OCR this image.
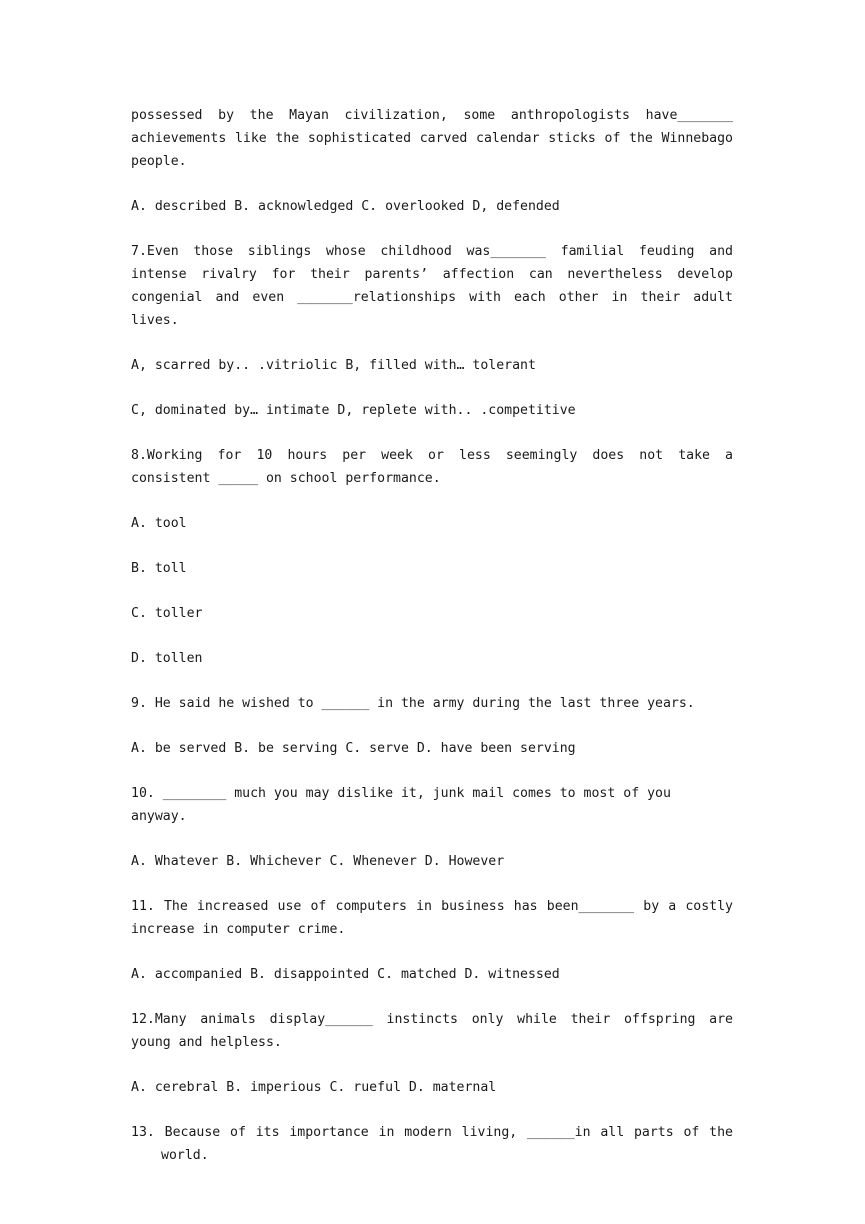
possessed by the Mayan civilization, some anthropologists have_______ achievements like the sophisticated carved calendar sticks of the Winnebago people.

A. described B. acknowledged C. overlooked D, defended

7.Even those siblings whose childhood was_______ familial feuding and intense rivalry for their parents’ affection can nevertheless develop congenial and even _______relationships with each other in their adult lives.

A, scarred by.. .vitriolic B, filled with… tolerant

C, dominated by… intimate D, replete with.. .competitive

8.Working for 10 hours per week or less seemingly does not take a consistent _____ on school performance.

A. tool

B. toll

C. toller

D. tollen

9. He said he wished to ______ in the army during the last three years.

A. be served B. be serving C. serve D. have been serving

10. ________ much you may dislike it, junk mail comes to most of you anyway.

A. Whatever B. Whichever C. Whenever D. However

11. The increased use of computers in business has been_______ by a costly increase in computer crime.

A. accompanied B. disappointed C. matched D. witnessed

12.Many animals display______ instincts only while their offspring are young and helpless.

A. cerebral B. imperious C. rueful D. maternal

13. Because of its importance in modern living, ______in all parts of the world.
